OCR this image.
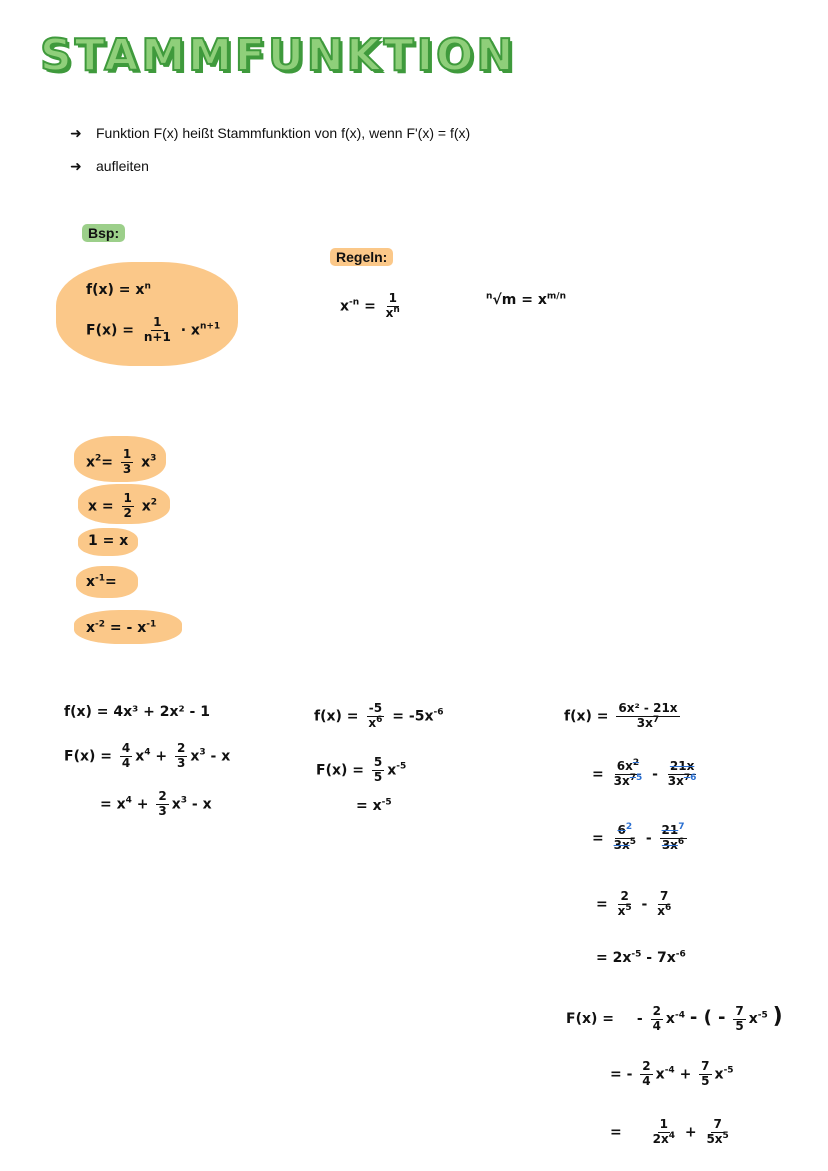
STAMMFUNKTION
➜ Funktion F(x) heißt Stammfunktion von f(x), wenn F'(x) = f(x)
➜ aufleiten
Bsp:
Regeln:
$f(x) = x^n$
$F(x) = \frac{1}{n+1} \cdot x^{n+1}$
$x^{-n} = \frac{1}{x^n}$	$^n√m = x^{m/n}$
$x^2= \frac{1}{3} x^3$
$x = \frac{1}{2} x^2$
1 = x
$x^{-1}=$
$x^{-2}$ = - $x^{-1}$
f(x) = 4x³ + 2x² - 1
$F(x) = \frac{4}{4} x^4 + \frac{2}{3} x^3 - x$
= $x^4 + \frac{2}{3} x^3 - x$
$f(x) = \frac{-5}{x^6} = -5x^{-6}$
$F(x) = \frac{5}{5} x^{-5}$
= $x^{-5}$
$f(x) = \frac{\text{6x² - 21x}}{3x^7}$
= $\frac{6x^2}{3x^{75}} - \frac{21x}{3x^{76}}$
= $\frac{6^2}{3x^5} - \frac{21^7}{3x^6}$
= $\frac{2}{x^5} - \frac{7}{x^6}$
= $2x^{-5} - 7x^{-6}$
F(x) = - $\frac{2}{4} x^{-4}$ - ( - $\frac{7}{5} x^{-5}$ )
= - $\frac{2}{4} x^{-4} + \frac{7}{5} x^{-5}$
= $\frac{1}{2x^4} + \frac{7}{5x^5}$
